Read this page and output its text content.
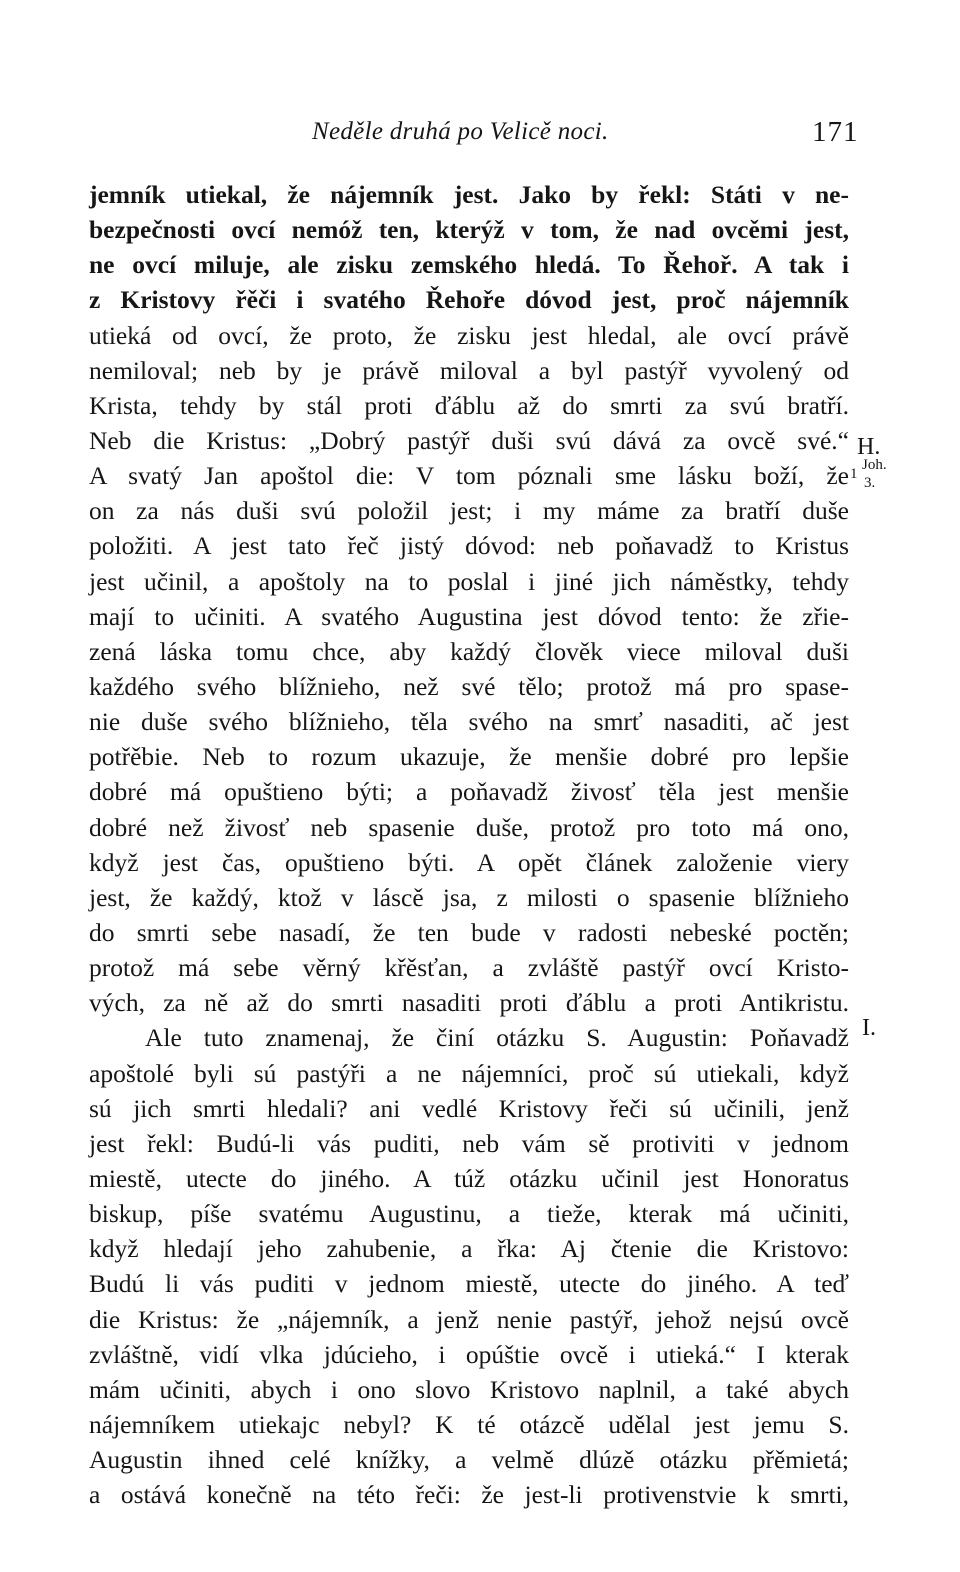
Neděle druhá po Velicě noci.	171
jemník utiekal, že nájemník jest. Jako by řekl: Státi v ne-
bezpečnosti ovcí nemóž ten, kterýž v tom, že nad ovcěmi jest,
ne ovcí miluje, ale zisku zemského hledá. To Řehoř. A tak i
z Kristovy řěči i svatého Řehoře dóvod jest, proč nájemník
utieká od ovcí, že proto, že zisku jest hledal, ale ovcí právě
nemiloval; neb by je právě miloval a byl pastýř vyvolený od
Krista, tehdy by stál proti ďáblu až do smrti za svú bratří.
Neb die Kristus: „Dobrý pastýř duši svú dává za ovcě své.“
A svatý Jan apoštol die: V tom póznali sme lásku boží, že
on za nás duši svú položil jest; i my máme za bratří duše
položiti. A jest tato řeč jistý dóvod: neb poňavadž to Kristus
jest učinil, a apoštoly na to poslal i jiné jich náměstky, tehdy
mají to učiniti. A svatého Augustina jest dóvod tento: že zřie-
zená láska tomu chce, aby každý člověk viece miloval duši
každého svého blížnieho, než své tělo; protož má pro spase-
nie duše svého blížnieho, těla svého na smrť nasaditi, ač jest
potřěbie. Neb to rozum ukazuje, že menšie dobré pro lepšie
dobré má opuštieno býti; a poňavadž živosť těla jest menšie
dobré než živosť neb spasenie duše, protož pro toto má ono,
když jest čas, opuštieno býti. A opět článek založenie viery
jest, že každý, ktož v láscě jsa, z milosti o spasenie blížnieho
do smrti sebe nasadí, že ten bude v radosti nebeské poctěn;
protož má sebe věrný křěsťan, a zvláště pastýř ovcí Kristo-
vých, za ně až do smrti nasaditi proti ďáblu a proti Antikristu.
Ale tuto znamenaj, že činí otázku S. Augustin: Poňavadž
apoštolé byli sú pastýři a ne nájemníci, proč sú utiekali, když
sú jich smrti hledali? ani vedlé Kristovy řeči sú učinili, jenž
jest řekl: Budú-li vás puditi, neb vám sě protiviti v jednom
miestě, utecte do jiného. A túž otázku učinil jest Honoratus
biskup, píše svatému Augustinu, a tieže, kterak má učiniti,
když hledají jeho zahubenie, a řka: Aj čtenie die Kristovo:
Budú li vás puditi v jednom miestě, utecte do jiného. A teď
die Kristus: že „nájemník, a jenž nenie pastýř, jehož nejsú ovcě
zvláštně, vidí vlka jdúcieho, i opúštie ovcě i utieká.“ I kterak
mám učiniti, abych i ono slovo Kristovo naplnil, a také abych
nájemníkem utiekajc nebyl? K té otázcě udělal jest jemu S.
Augustin ihned celé knížky, a velmě dlúzě otázku přěmietá;
a ostává konečně na této řeči: že jest-li protivenstvie k smrti,
H.
1
Joh.
3.
I.
